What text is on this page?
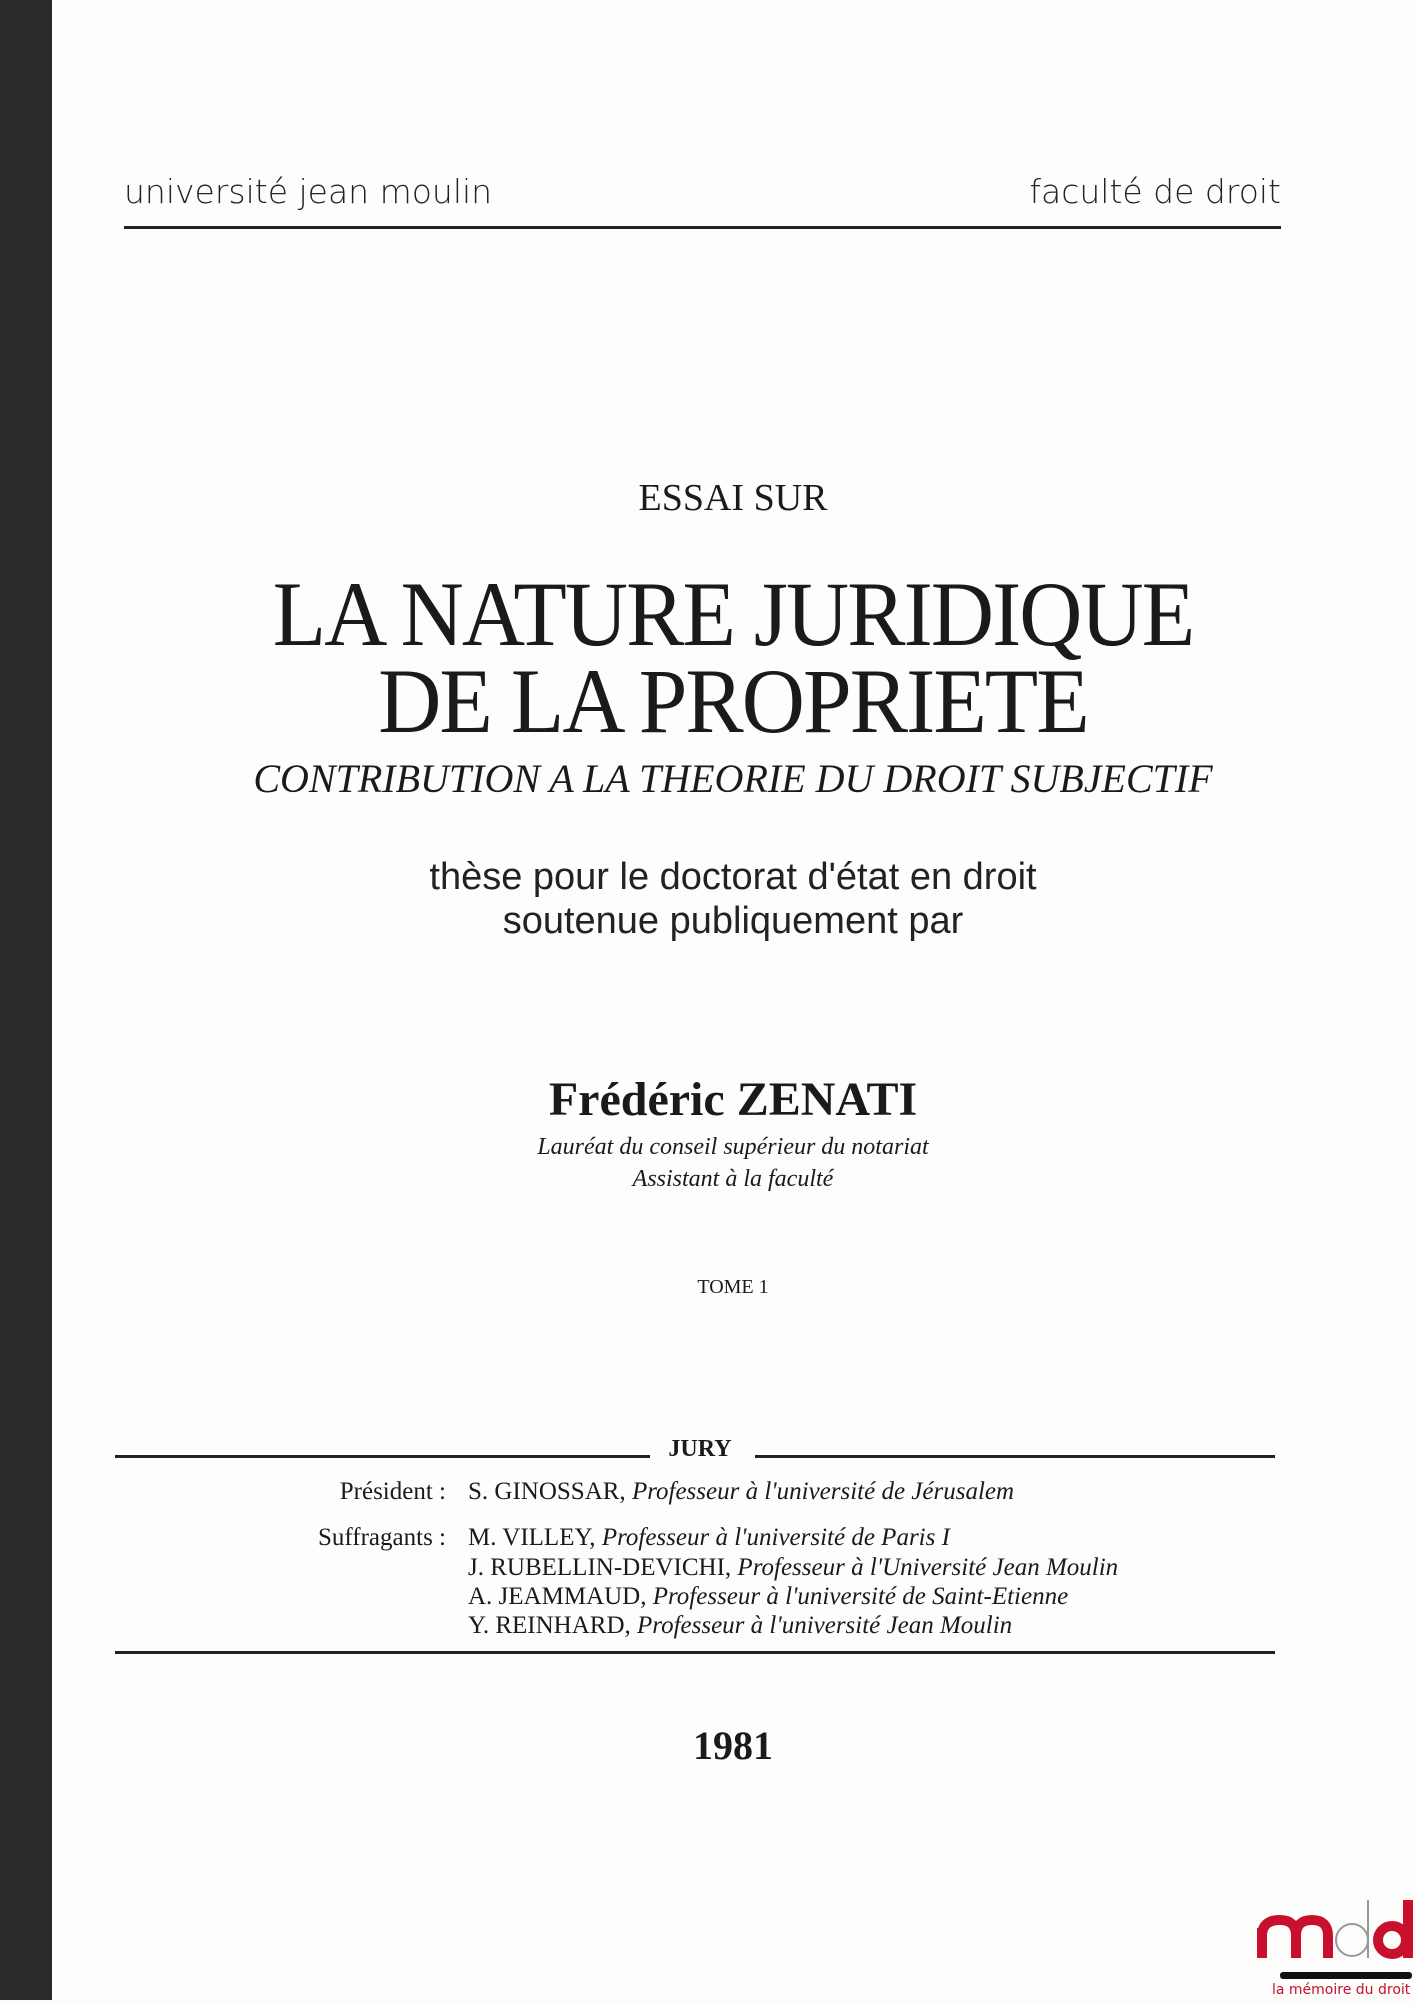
université jean moulin	faculté de droit
ESSAI SUR
LA NATURE JURIDIQUE
DE LA PROPRIETE
CONTRIBUTION A LA THEORIE DU DROIT SUBJECTIF
thèse pour le doctorat d'état en droit
soutenue publiquement par
Frédéric ZENATI
Lauréat du conseil supérieur du notariat
Assistant à la faculté
TOME 1
JURY
Président : S. GINOSSAR, Professeur à l'université de Jérusalem
Suffragants : M. VILLEY, Professeur à l'université de Paris I
J. RUBELLIN-DEVICHI, Professeur à l'Université Jean Moulin
A. JEAMMAUD, Professeur à l'université de Saint-Etienne
Y. REINHARD, Professeur à l'université Jean Moulin
1981
la mémoire du droit
